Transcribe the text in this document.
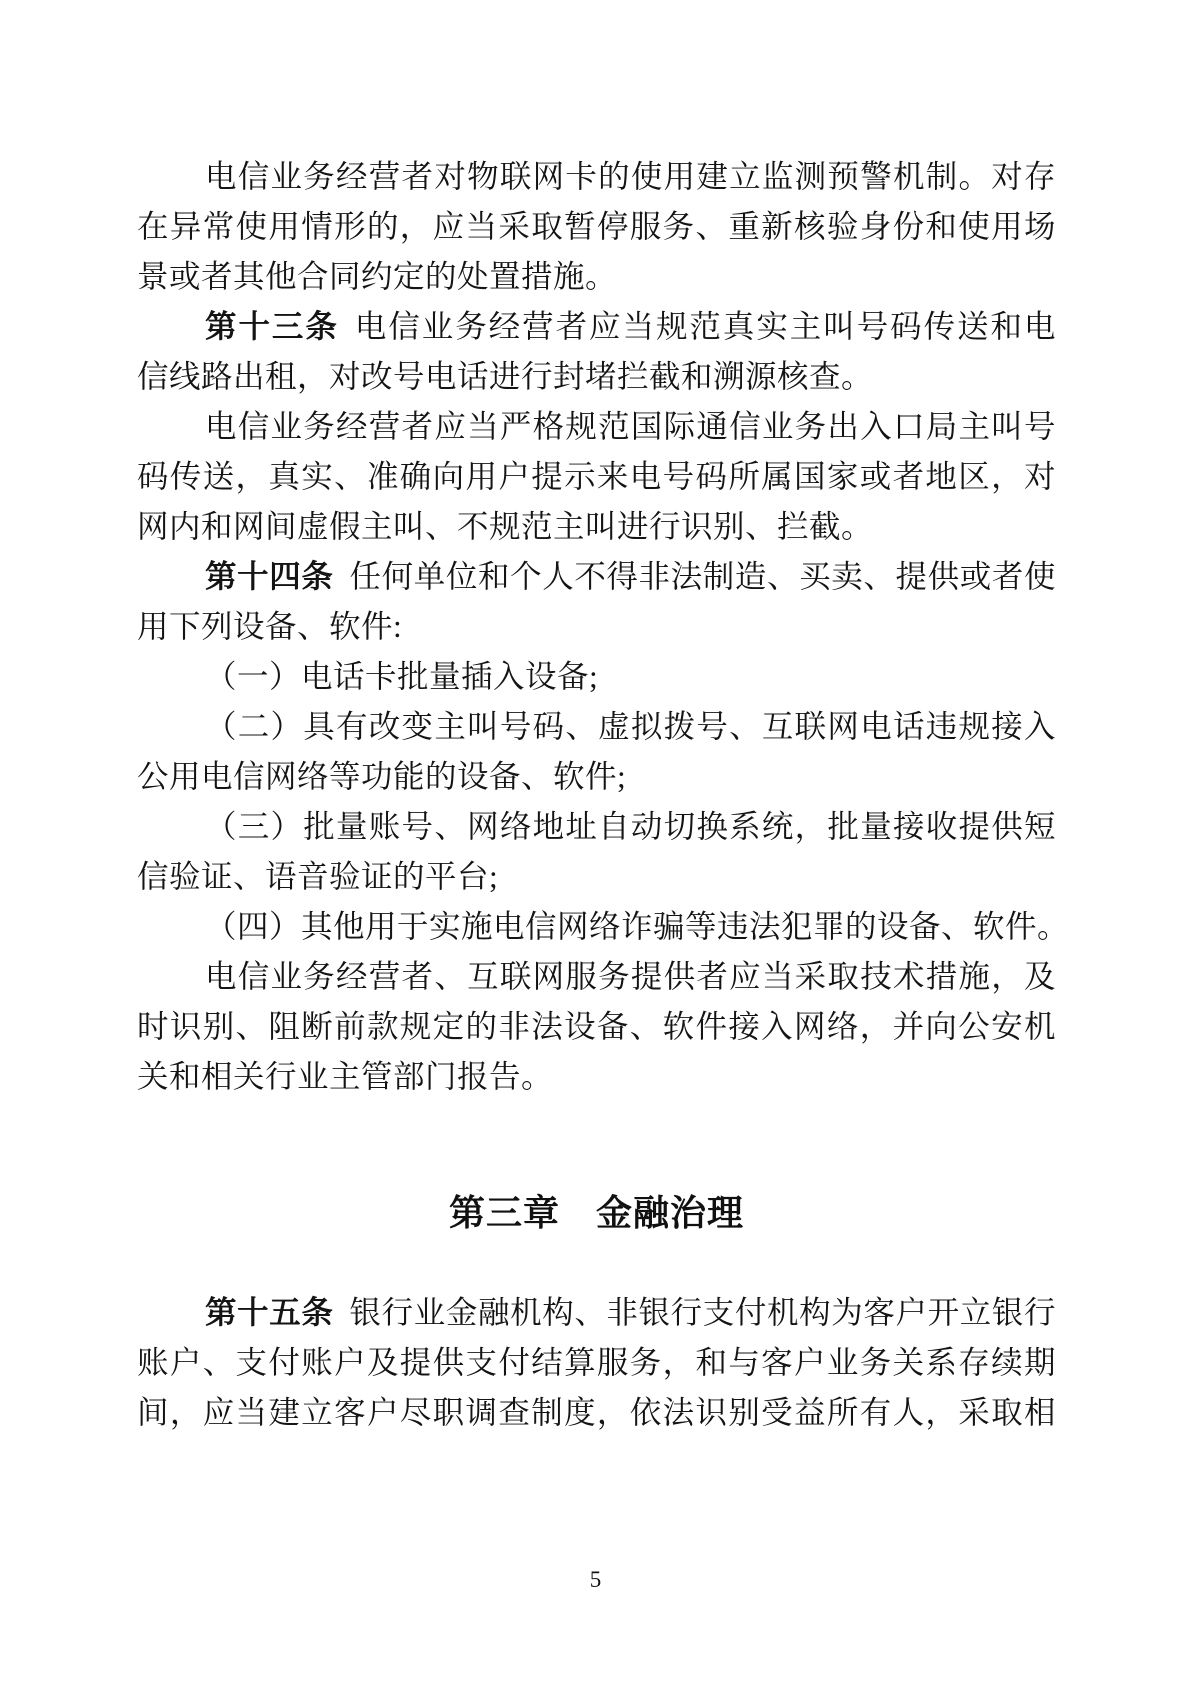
电信业务经营者对物联网卡的使用建立监测预警机制。对存
在异常使用情形的，应当采取暂停服务、重新核验身份和使用场
景或者其他合同约定的处置措施。
第十三条 电信业务经营者应当规范真实主叫号码传送和电
信线路出租，对改号电话进行封堵拦截和溯源核查。
电信业务经营者应当严格规范国际通信业务出入口局主叫号
码传送，真实、准确向用户提示来电号码所属国家或者地区，对
网内和网间虚假主叫、不规范主叫进行识别、拦截。
第十四条 任何单位和个人不得非法制造、买卖、提供或者使
用下列设备、软件:
（一）电话卡批量插入设备;
（二）具有改变主叫号码、虚拟拨号、互联网电话违规接入
公用电信网络等功能的设备、软件;
（三）批量账号、网络地址自动切换系统，批量接收提供短
信验证、语音验证的平台;
（四）其他用于实施电信网络诈骗等违法犯罪的设备、软件。
电信业务经营者、互联网服务提供者应当采取技术措施，及
时识别、阻断前款规定的非法设备、软件接入网络，并向公安机
关和相关行业主管部门报告。
第三章 金融治理
第十五条 银行业金融机构、非银行支付机构为客户开立银行
账户、支付账户及提供支付结算服务，和与客户业务关系存续期
间，应当建立客户尽职调查制度，依法识别受益所有人，采取相
5
